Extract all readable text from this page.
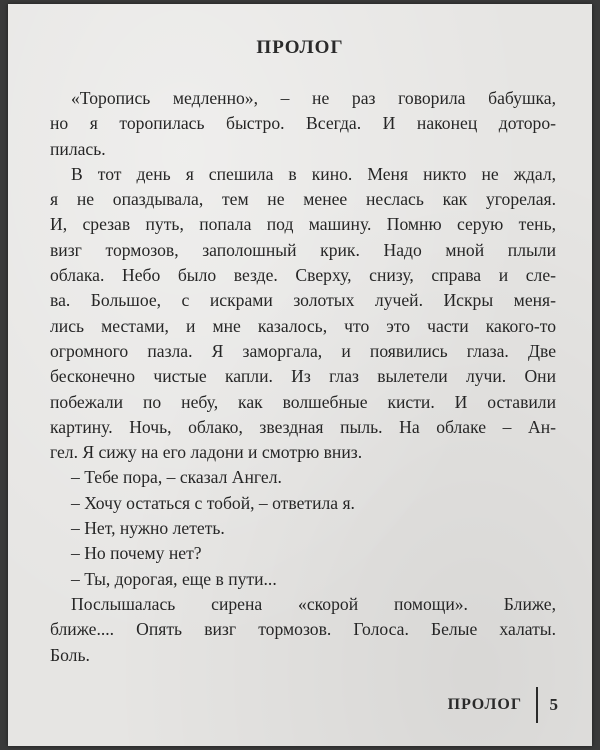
ПРОЛОГ
«Торопись медленно», – не раз говорила бабушка,
но я торопилась быстро. Всегда. И наконец доторо-
пилась.
В тот день я спешила в кино. Меня никто не ждал,
я не опаздывала, тем не менее неслась как угорелая.
И, срезав путь, попала под машину. Помню серую тень,
визг тормозов, заполошный крик. Надо мной плыли
облака. Небо было везде. Сверху, снизу, справа и сле-
ва. Большое, с искрами золотых лучей. Искры меня-
лись местами, и мне казалось, что это части какого-то
огромного пазла. Я заморгала, и появились глаза. Две
бесконечно чистые капли. Из глаз вылетели лучи. Они
побежали по небу, как волшебные кисти. И оставили
картину. Ночь, облако, звездная пыль. На облаке – Ан-
гел. Я сижу на его ладони и смотрю вниз.
– Тебе пора, – сказал Ангел.
– Хочу остаться с тобой, – ответила я.
– Нет, нужно лететь.
– Но почему нет?
– Ты, дорогая, еще в пути...
Послышалась сирена «скорой помощи». Ближе,
ближе.... Опять визг тормозов. Голоса. Белые халаты.
Боль.
ПРОЛОГ 5
